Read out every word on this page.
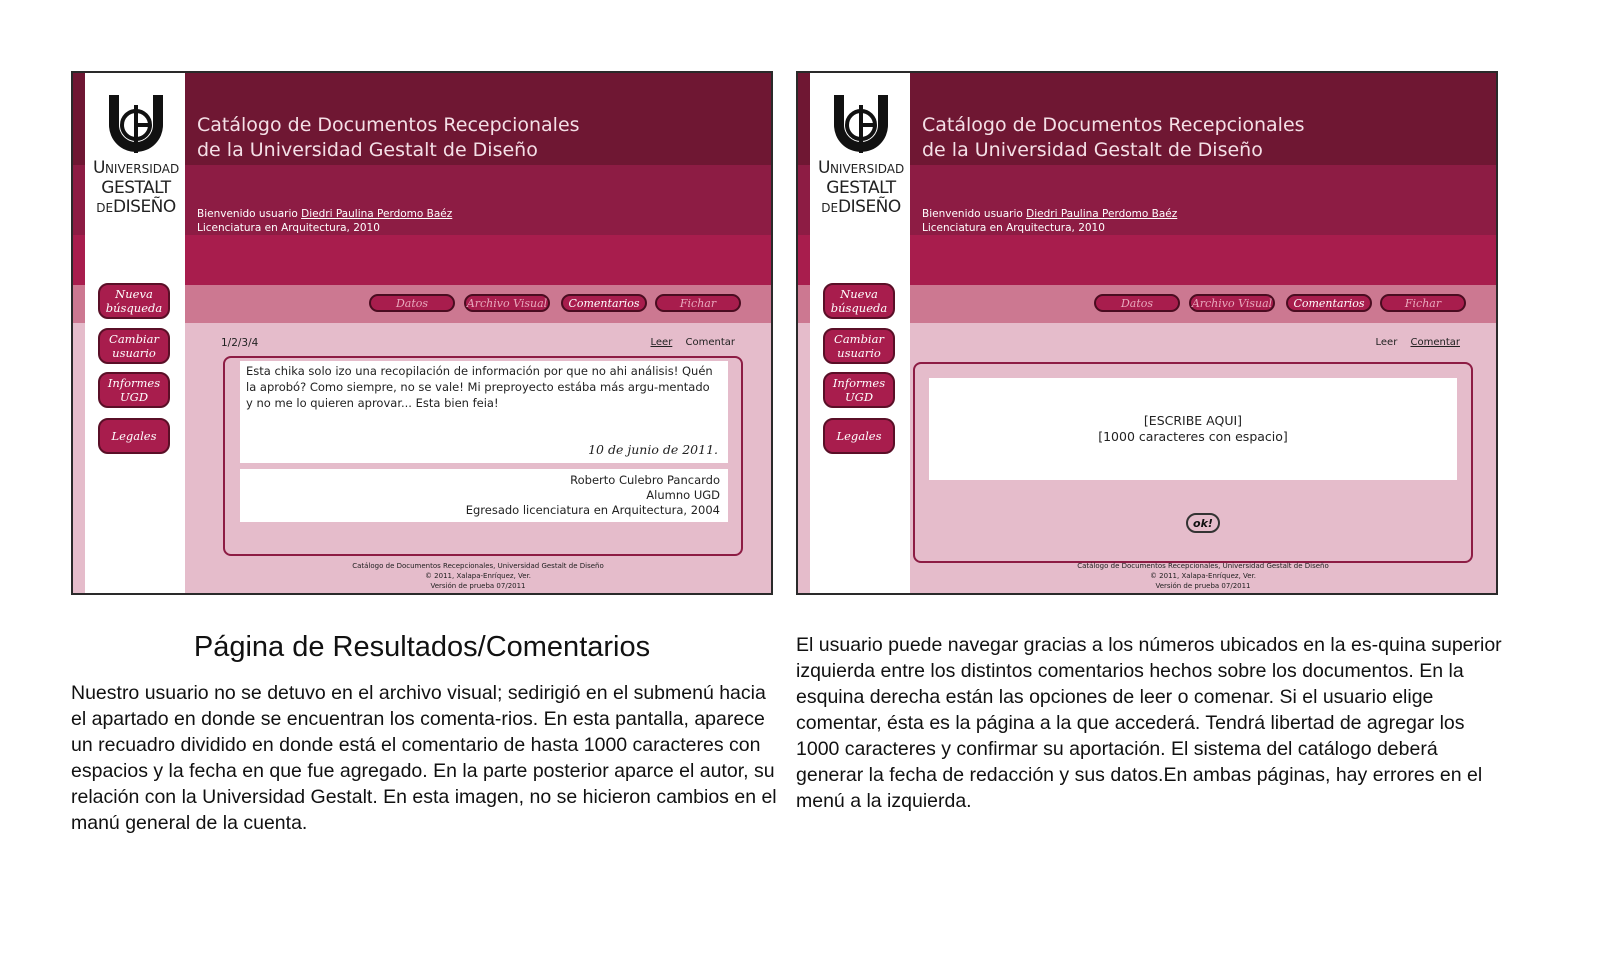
UNIVERSIDAD
GESTALT
DEDISEÑO
Nueva
búsqueda
Cambiar
usuario
Informes
UGD
Legales
Catálogo de Documentos Recepcionales
de la Universidad Gestalt de Diseño
Bienvenido usuario Diedri Paulina Perdomo Baéz
Licenciatura en Arquitectura, 2010
Datos	Archivo Visual	Comentarios	Fichar
1/2/3/4	Leer Comentar
Esta chika solo izo una recopilación de información por que no ahi análisis! Quén la aprobó? Como siempre, no se vale! Mi preproyecto estába más argu-mentado y no me lo quieren aprovar... Esta bien feia!
10 de junio de 2011.
Roberto Culebro Pancardo
Alumno UGD
Egresado licenciatura en Arquitectura, 2004
Catálogo de Documentos Recepcionales, Universidad Gestalt de Diseño
© 2011, Xalapa-Enríquez, Ver.
Versión de prueba 07/2011
UNIVERSIDAD
GESTALT
DEDISEÑO
Nueva
búsqueda
Cambiar
usuario
Informes
UGD
Legales
Catálogo de Documentos Recepcionales
de la Universidad Gestalt de Diseño
Bienvenido usuario Diedri Paulina Perdomo Baéz
Licenciatura en Arquitectura, 2010
Datos	Archivo Visual	Comentarios	Fichar
Leer Comentar
[ESCRIBE AQUI]
[1000 caracteres con espacio]
ok!
Catálogo de Documentos Recepcionales, Universidad Gestalt de Diseño
© 2011, Xalapa-Enríquez, Ver.
Versión de prueba 07/2011
Página de Resultados/Comentarios
Nuestro usuario no se detuvo en el archivo visual; sedirigió en el submenú hacia el apartado en donde se encuentran los comenta-rios. En esta pantalla, aparece un recuadro dividido en donde está el comentario de hasta 1000 caracteres con espacios y la fecha en que fue agregado. En la parte posterior aparce el autor, su relación con la Universidad Gestalt. En esta imagen, no se hicieron cambios en el manú general de la cuenta.
El usuario puede navegar gracias a los números ubicados en la es-quina superior izquierda entre los distintos comentarios hechos sobre los documentos. En la esquina derecha están las opciones de leer o comenar. Si el usuario elige comentar, ésta es la página a la que accederá. Tendrá libertad de agregar los 1000 caracteres y confirmar su aportación. El sistema del catálogo deberá generar la fecha de redacción y sus datos.En ambas páginas, hay errores en el menú a la izquierda.
